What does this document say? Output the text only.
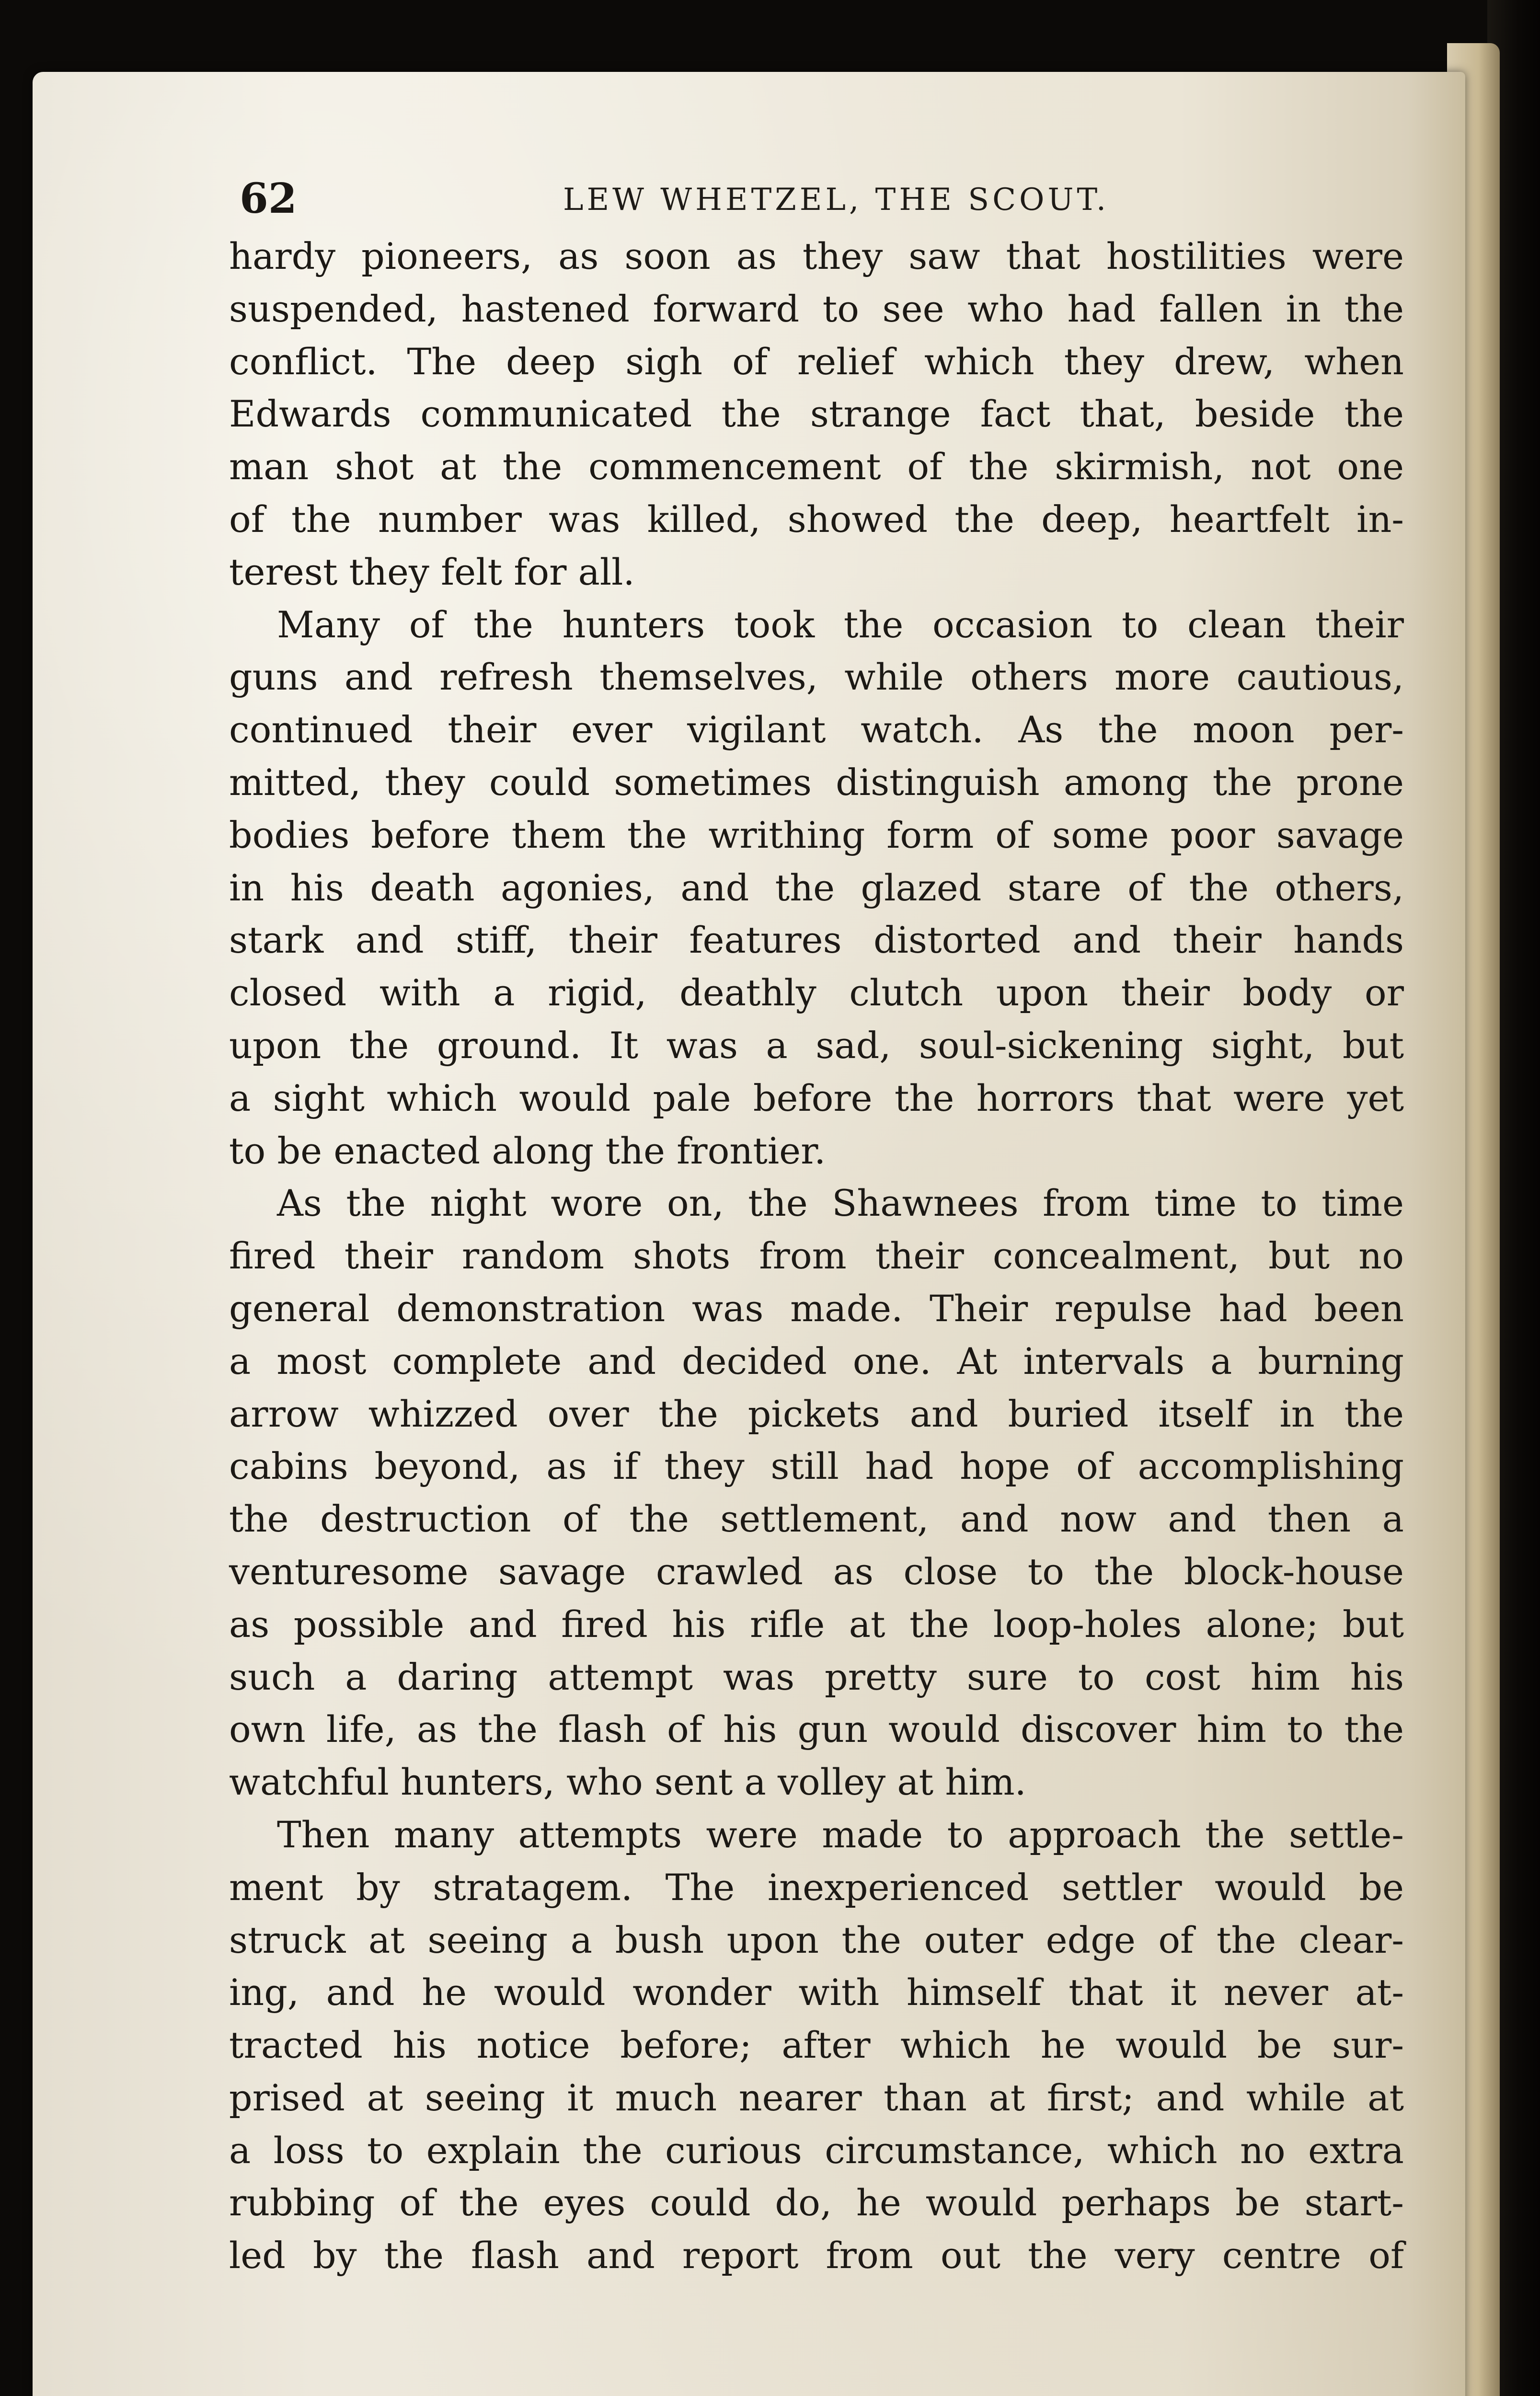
62	LEW WHETZEL, THE SCOUT.
hardy pioneers, as soon as they saw that hostilities were
suspended, hastened forward to see who had fallen in the
conflict. The deep sigh of relief which they drew, when
Edwards communicated the strange fact that, beside the
man shot at the commencement of the skirmish, not one
of the number was killed, showed the deep, heartfelt in-
terest they felt for all.
Many of the hunters took the occasion to clean their
guns and refresh themselves, while others more cautious,
continued their ever vigilant watch. As the moon per-
mitted, they could sometimes distinguish among the prone
bodies before them the writhing form of some poor savage
in his death agonies, and the glazed stare of the others,
stark and stiff, their features distorted and their hands
closed with a rigid, deathly clutch upon their body or
upon the ground. It was a sad, soul-sickening sight, but
a sight which would pale before the horrors that were yet
to be enacted along the frontier.
As the night wore on, the Shawnees from time to time
fired their random shots from their concealment, but no
general demonstration was made. Their repulse had been
a most complete and decided one. At intervals a burning
arrow whizzed over the pickets and buried itself in the
cabins beyond, as if they still had hope of accomplishing
the destruction of the settlement, and now and then a
venturesome savage crawled as close to the block-house
as possible and fired his rifle at the loop-holes alone; but
such a daring attempt was pretty sure to cost him his
own life, as the flash of his gun would discover him to the
watchful hunters, who sent a volley at him.
Then many attempts were made to approach the settle-
ment by stratagem. The inexperienced settler would be
struck at seeing a bush upon the outer edge of the clear-
ing, and he would wonder with himself that it never at-
tracted his notice before; after which he would be sur-
prised at seeing it much nearer than at first; and while at
a loss to explain the curious circumstance, which no extra
rubbing of the eyes could do, he would perhaps be start-
led by the flash and report from out the very centre of
